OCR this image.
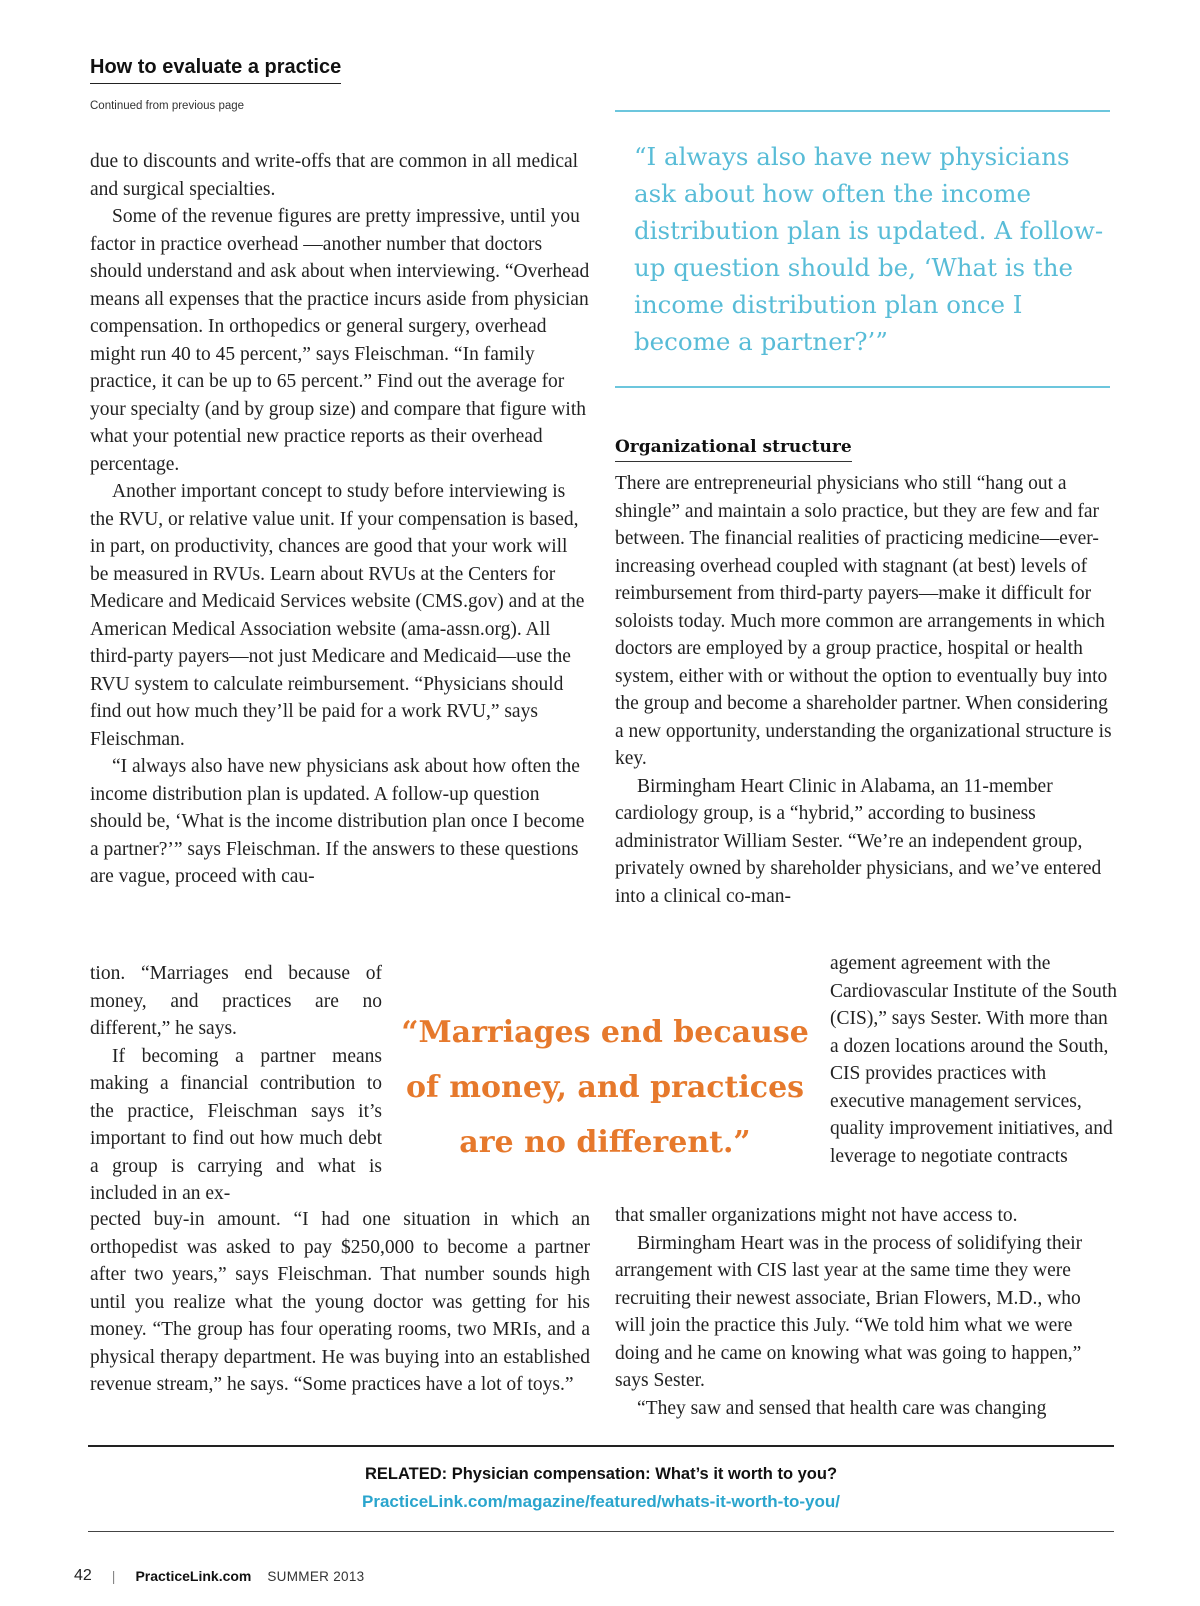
How to evaluate a practice
Continued from previous page

due to discounts and write-offs that are common in all medical and surgical specialties.

Some of the revenue figures are pretty impressive, until you factor in practice overhead —another number that doctors should understand and ask about when interviewing. “Overhead means all expenses that the practice incurs aside from physician compensation. In orthopedics or general surgery, overhead might run 40 to 45 percent,” says Fleischman. “In family practice, it can be up to 65 percent.” Find out the average for your specialty (and by group size) and compare that figure with what your potential new practice reports as their overhead percentage.

Another important concept to study before interviewing is the RVU, or relative value unit. If your compensation is based, in part, on productivity, chances are good that your work will be measured in RVUs. Learn about RVUs at the Centers for Medicare and Medicaid Services website (CMS.gov) and at the American Medical Association website (ama-assn.org). All third-party payers—not just Medicare and Medicaid—use the RVU system to calculate reimbursement. “Physicians should find out how much they’ll be paid for a work RVU,” says Fleischman.

“I always also have new physicians ask about how often the income distribution plan is updated. A follow-up question should be, ‘What is the income distribution plan once I become a partner?’” says Fleischman. If the answers to these questions are vague, proceed with cau-

tion. “Marriages end because of money, and practices are no different,” he says.

If becoming a partner means making a financial contribution to the practice, Fleischman says it’s important to find out how much debt a group is carrying and what is included in an ex-

pected buy-in amount. “I had one situation in which an orthopedist was asked to pay $250,000 to become a partner after two years,” says Fleischman. That number sounds high until you realize what the young doctor was getting for his money. “The group has four operating rooms, two MRIs, and a physical therapy department. He was buying into an established revenue stream,” he says. “Some practices have a lot of toys.”

“I always also have new physicians ask about how often the income distribution plan is updated. A follow-up question should be, ‘What is the income distribution plan once I become a partner?’”
Organizational structure

There are entrepreneurial physicians who still “hang out a shingle” and maintain a solo practice, but they are few and far between. The financial realities of practicing medicine—ever-increasing overhead coupled with stagnant (at best) levels of reimbursement from third-party payers—make it difficult for soloists today. Much more common are arrangements in which doctors are employed by a group practice, hospital or health system, either with or without the option to eventually buy into the group and become a shareholder partner. When considering a new opportunity, understanding the organizational structure is key.

Birmingham Heart Clinic in Alabama, an 11-member cardiology group, is a “hybrid,” according to business administrator William Sester. “We’re an independent group, privately owned by shareholder physicians, and we’ve entered into a clinical co-man-

agement agreement with the Cardiovascular Institute of the South (CIS),” says Sester. With more than a dozen locations around the South, CIS provides practices with executive management services, quality improvement initiatives, and leverage to negotiate contracts

that smaller organizations might not have access to.

Birmingham Heart was in the process of solidifying their arrangement with CIS last year at the same time they were recruiting their newest associate, Brian Flowers, M.D., who will join the practice this July. “We told him what we were doing and he came on knowing what was going to happen,” says Sester.

“They saw and sensed that health care was changing

“Marriages end because of money, and practices are no different.”
RELATED: Physician compensation: What’s it worth to you?
PracticeLink.com/magazine/featured/whats-it-worth-to-you/
42 | PracticeLink.com SUMMER 2013
